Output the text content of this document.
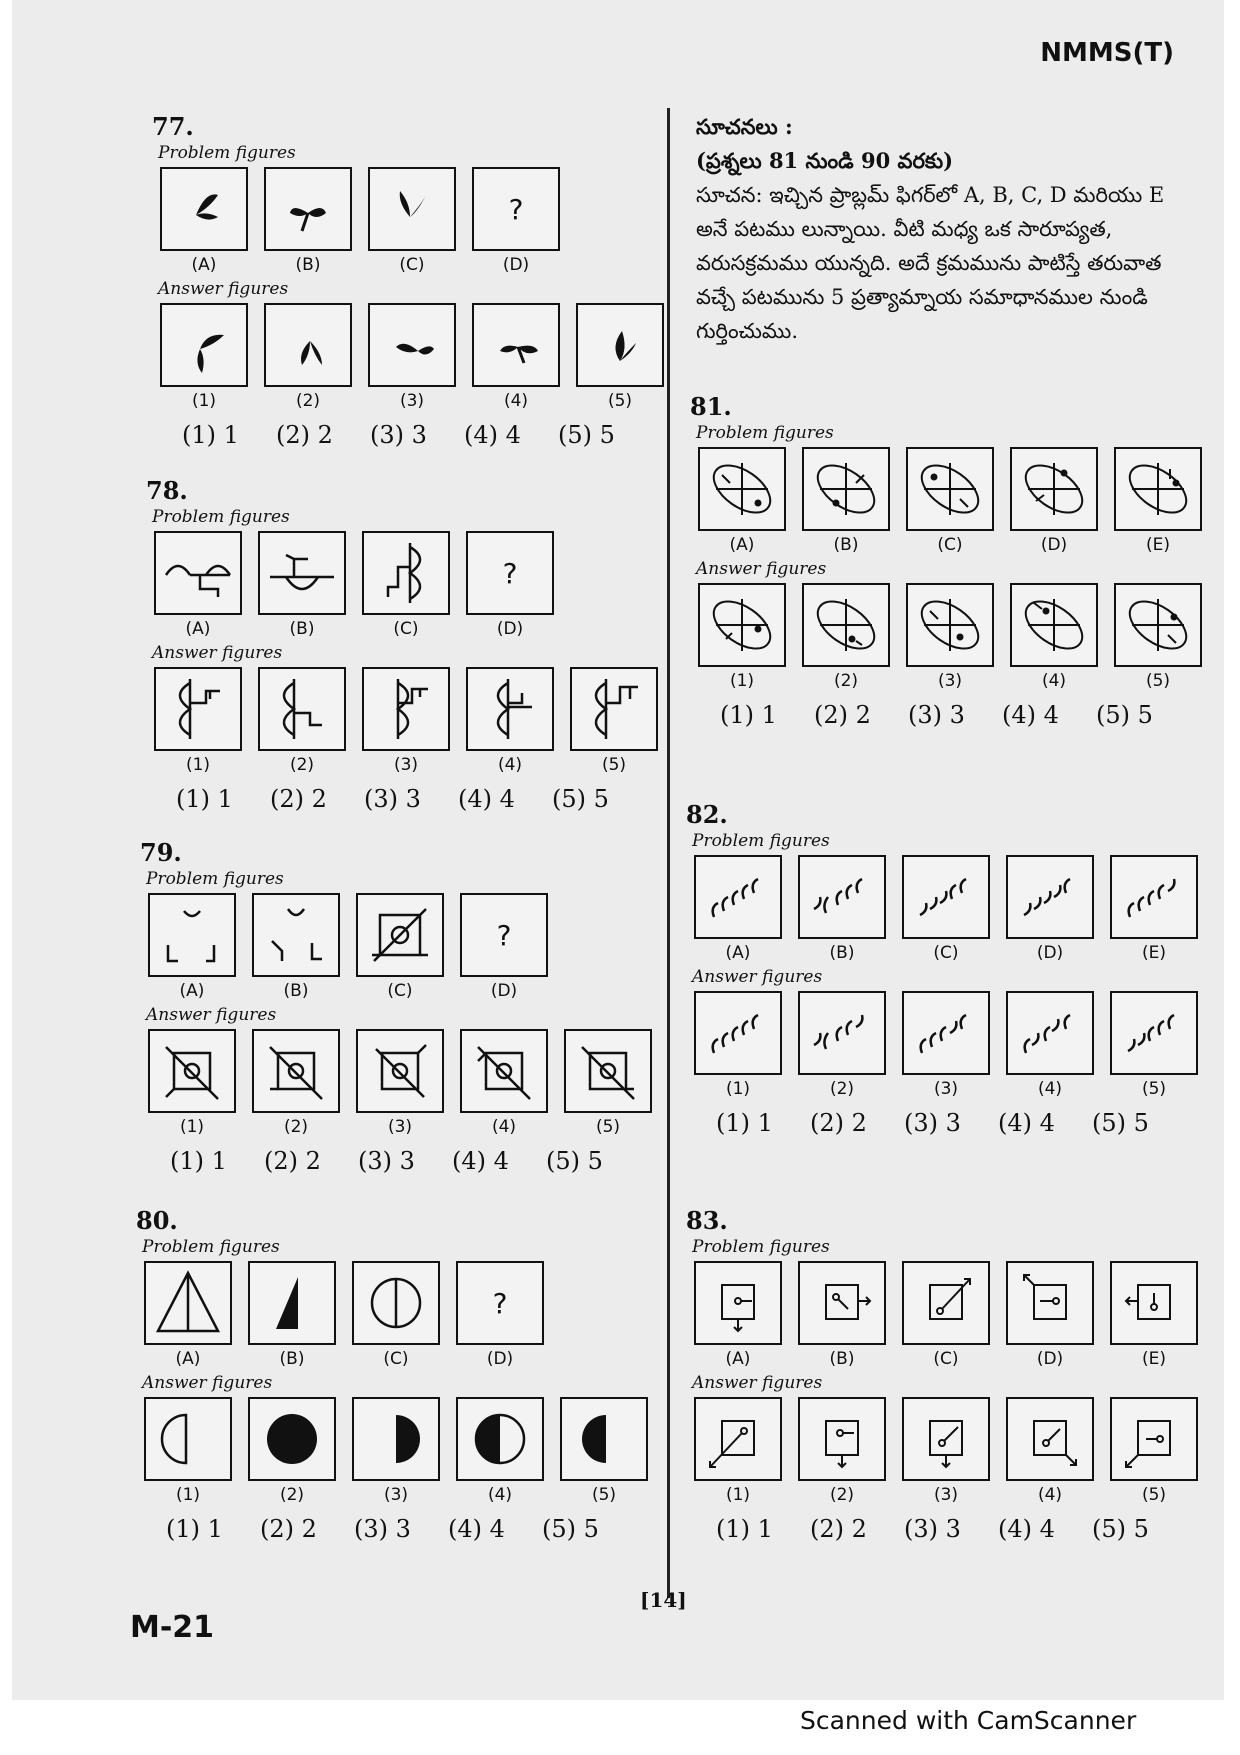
NMMS(T)
సూచనలు :
(ప్రశ్నలు 81 నుండి 90 వరకు)
సూచన: ఇచ్చిన ప్రాబ్లమ్ ఫిగర్‌లో A, B, C, D మరియు E అనే పటము లున్నాయి. వీటి మధ్య ఒక సారూప్యత, వరుసక్రమము యున్నది. అదే క్రమమును పాటిస్తే తరువాత వచ్చే పటమును 5 ప్రత్యామ్నాయ సమాధానముల నుండి గుర్తించుము.
77.
Problem figures
(A)	(B)	(C)
?
(D)
Answer figures
(1)	(2)	(3)	(4)	(5)
(1) 1	(2) 2	(3) 3	(4) 4	(5) 5
78.
Problem figures
(A)	(B)	(C)
?
(D)
Answer figures
(1)	(2)	(3)	(4)	(5)
(1) 1	(2) 2	(3) 3	(4) 4	(5) 5
79.
Problem figures
(A)	(B)	(C)
?
(D)
Answer figures
(1)	(2)	(3)	(4)	(5)
(1) 1	(2) 2	(3) 3	(4) 4	(5) 5
80.
Problem figures
(A)	(B)	(C)
?
(D)
Answer figures
(1)	(2)	(3)	(4)	(5)
(1) 1	(2) 2	(3) 3	(4) 4	(5) 5
81.
Problem figures
(A)	(B)	(C)	(D)	(E)
Answer figures
(1)	(2)	(3)	(4)	(5)
(1) 1	(2) 2	(3) 3	(4) 4	(5) 5
82.
Problem figures
(A)	(B)	(C)	(D)	(E)
Answer figures
(1)	(2)	(3)	(4)	(5)
(1) 1	(2) 2	(3) 3	(4) 4	(5) 5
83.
Problem figures
(A)	(B)	(C)	(D)	(E)
Answer figures
(1)	(2)	(3)	(4)	(5)
(1) 1	(2) 2	(3) 3	(4) 4	(5) 5
[14]
M-21
Scanned with CamScanner
